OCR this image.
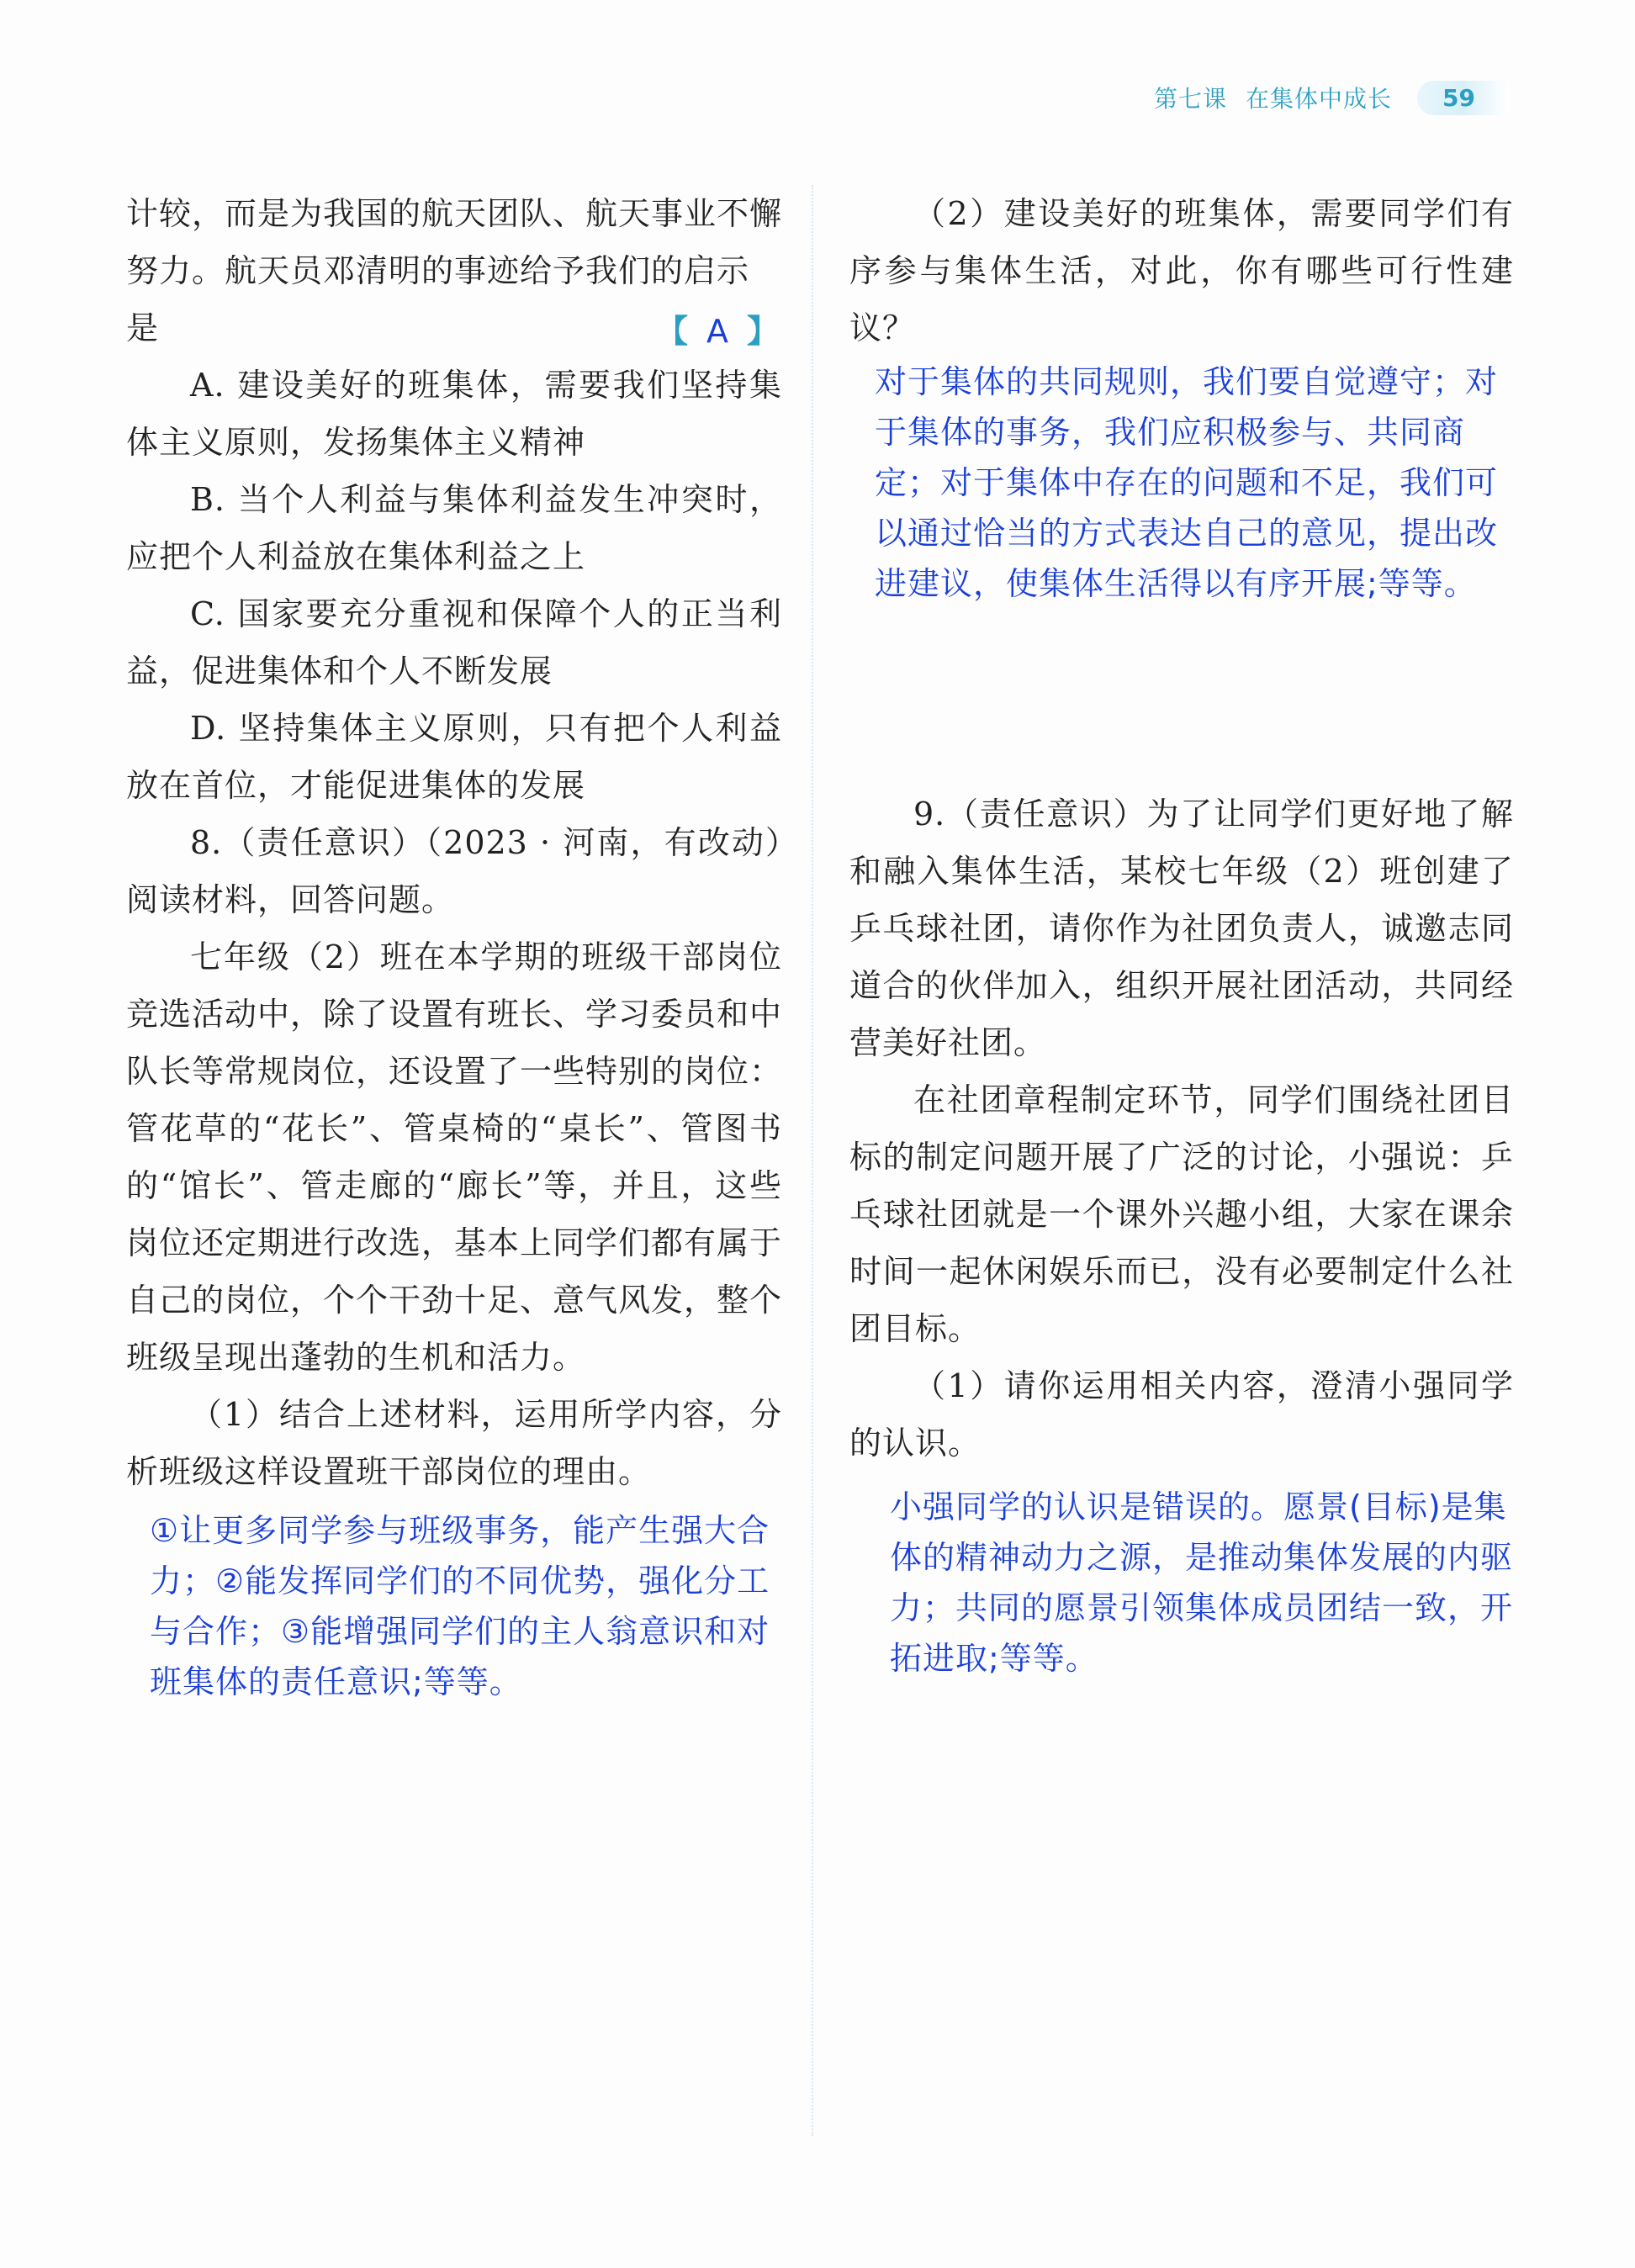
第七课 在集体中成长	59

计较，而是为我国的航天团队、航天事业不懈

努力。航天员邓清明的事迹给予我们的启示

是	【 A 】

A. 建设美好的班集体，需要我们坚持集体主义原则，发扬集体主义精神

B. 当个人利益与集体利益发生冲突时，应把个人利益放在集体利益之上

C. 国家要充分重视和保障个人的正当利益，促进集体和个人不断发展

D. 坚持集体主义原则，只有把个人利益放在首位，才能促进集体的发展

8.（责任意识）（2023 · 河南，有改动）阅读材料，回答问题。

七年级（2）班在本学期的班级干部岗位竞选活动中，除了设置有班长、学习委员和中队长等常规岗位，还设置了一些特别的岗位：管花草的“花长”、管桌椅的“桌长”、管图书的“馆长”、管走廊的“廊长”等，并且，这些岗位还定期进行改选，基本上同学们都有属于自己的岗位，个个干劲十足、意气风发，整个班级呈现出蓬勃的生机和活力。

（1）结合上述材料，运用所学内容，分析班级这样设置班干部岗位的理由。

①让更多同学参与班级事务，能产生强大合力；②能发挥同学们的不同优势，强化分工与合作；③能增强同学们的主人翁意识和对班集体的责任意识;等等。

（2）建设美好的班集体，需要同学们有序参与集体生活，对此，你有哪些可行性建议？

对于集体的共同规则，我们要自觉遵守；对于集体的事务，我们应积极参与、共同商定；对于集体中存在的问题和不足，我们可以通过恰当的方式表达自己的意见，提出改进建议，使集体生活得以有序开展;等等。

9.（责任意识）为了让同学们更好地了解和融入集体生活，某校七年级（2）班创建了乒乓球社团，请你作为社团负责人，诚邀志同道合的伙伴加入，组织开展社团活动，共同经营美好社团。

在社团章程制定环节，同学们围绕社团目标的制定问题开展了广泛的讨论，小强说：乒乓球社团就是一个课外兴趣小组，大家在课余时间一起休闲娱乐而已，没有必要制定什么社团目标。

（1）请你运用相关内容，澄清小强同学的认识。

小强同学的认识是错误的。愿景(目标)是集体的精神动力之源，是推动集体发展的内驱力；共同的愿景引领集体成员团结一致，开拓进取;等等。
